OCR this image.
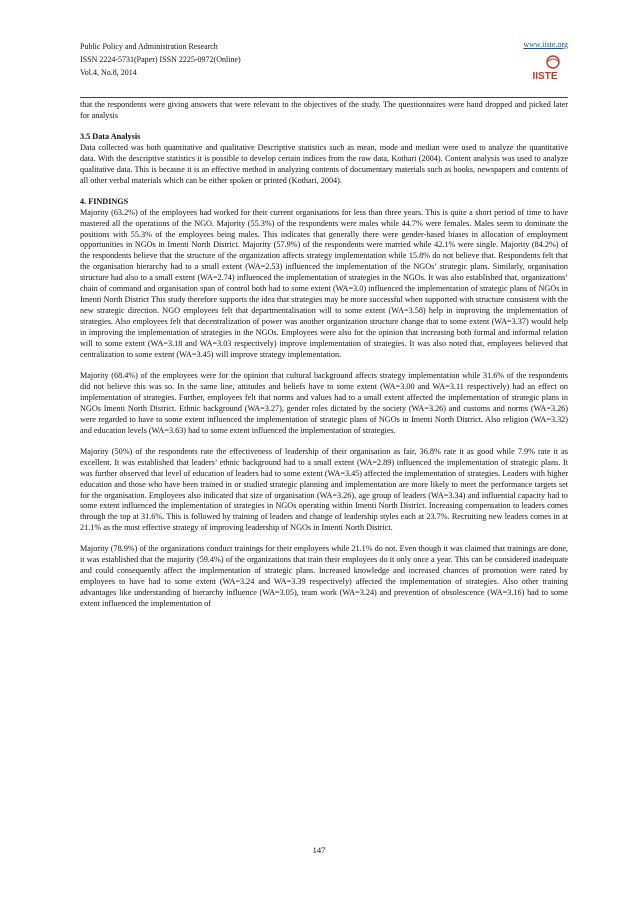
Public Policy and Administration Research
ISSN 2224-5731(Paper) ISSN 2225-0972(Online)
Vol.4, No.8, 2014
www.iiste.org
IISTE

that the respondents were giving answers that were relevant to the objectives of the study. The questionnaires were hand dropped and picked later for analysis

3.5 Data Analysis

Data collected was both quantitative and qualitative Descriptive statistics such as mean, mode and median were used to analyze the quantitative data. With the descriptive statistics it is possible to develop certain indices from the raw data, Kothari (2004). Content analysis was used to analyze qualitative data. This is because it is an effective method in analyzing contents of documentary materials such as books, newspapers and contents of all other verbal materials which can be either spoken or printed (Kothari, 2004).

4. FINDINGS

Majority (63.2%) of the employees had worked for their current organisations for less than three years. This is quite a short period of time to have mastered all the operations of the NGO. Majority (55.3%) of the respondents were males while 44.7% were females. Males seem to dominate the positions with 55.3% of the employees being males. This indicates that generally there were gender-based biases in allocation of employment opportunities in NGOs in Imenti North District. Majority (57.9%) of the respondents were married while 42.1% were single. Majority (84.2%) of the respondents believe that the structure of the organization affects strategy implementation while 15.8% do not believe that. Respondents felt that the organisation hierarchy had to a small extent (WA=2.53) influenced the implementation of the NGOs’ strategic plans. Similarly, organisation structure had also to a small extent (WA=2.74) influenced the implementation of strategies in the NGOs. It was also established that, organizations’ chain of command and organisation span of control both had to some extent (WA=3.0) influenced the implementation of strategic plans of NGOs in Imenti North District This study therefore supports the idea that strategies may be more successful when supported with structure consistent with the new strategic direction. NGO employees felt that departmentalisation will to some extent (WA=3.58) help in improving the implementation of strategies. Also employees felt that decentralization of power was another organization structure change that to some extent (WA=3.37) would help in improving the implementation of strategies in the NGOs. Employees were also for the opinion that increasing both formal and informal relation will to some extent (WA=3.18 and WA=3.03 respectively) improve implementation of strategies. It was also noted that, employees believed that centralization to some extent (WA=3.45) will improve strategy implementation.

Majority (68.4%) of the employees were for the opinion that cultural background affects strategy implementation while 31.6% of the respondents did not believe this was so. In the same line, attitudes and beliefs have to some extent (WA=3.00 and WA=3.11 respectively) had an effect on implementation of strategies. Further, employees felt that norms and values had to a small extent affected the implementation of strategic plans in NGOs Imenti North District. Ethnic background (WA=3.27), gender roles dictated by the society (WA=3.26) and customs and norms (WA=3.26) were regarded to have to some extent influenced the implementation of strategic plans of NGOs in Imenti North District. Also religion (WA=3.32) and education levels (WA=3.63) had to some extent influenced the implementation of strategies.

Majority (50%) of the respondents rate the effectiveness of leadership of their organisation as fair, 36.8% rate it as good while 7.9% rate it as excellent. It was established that leaders’ ethnic background had to a small extent (WA=2.89) influenced the implementation of strategic plans. It was further observed that level of education of leaders had to some extent (WA=3.45) affected the implementation of strategies. Leaders with higher education and those who have been trained in or studied strategic planning and implementation are more likely to meet the performance targets set for the organisation. Employees also indicated that size of organisation (WA=3.26), age group of leaders (WA=3.34) and influential capacity had to some extent influenced the implementation of strategies in NGOs operating within Imenti North District. Increasing compensation to leaders comes through the top at 31.6%. This is followed by training of leaders and change of leadership styles each at 23.7%. Recruiting new leaders comes in at 21.1% as the most effective strategy of improving leadership of NGOs in Imenti North District.

Majority (78.9%) of the organizations conduct trainings for their employees while 21.1% do not. Even though it was claimed that trainings are done, it was established that the majority (59.4%) of the organizations that train their employees do it only once a year. This can be considered inadequate and could consequently affect the implementation of strategic plans. Increased knowledge and increased chances of promotion were rated by employees to have had to some extent (WA=3.24 and WA=3.39 respectively) affected the implementation of strategies. Also other training advantages like understanding of hierarchy influence (WA=3.05), team work (WA=3.24) and prevention of obsolescence (WA=3.16) had to some extent influenced the implementation of

147
